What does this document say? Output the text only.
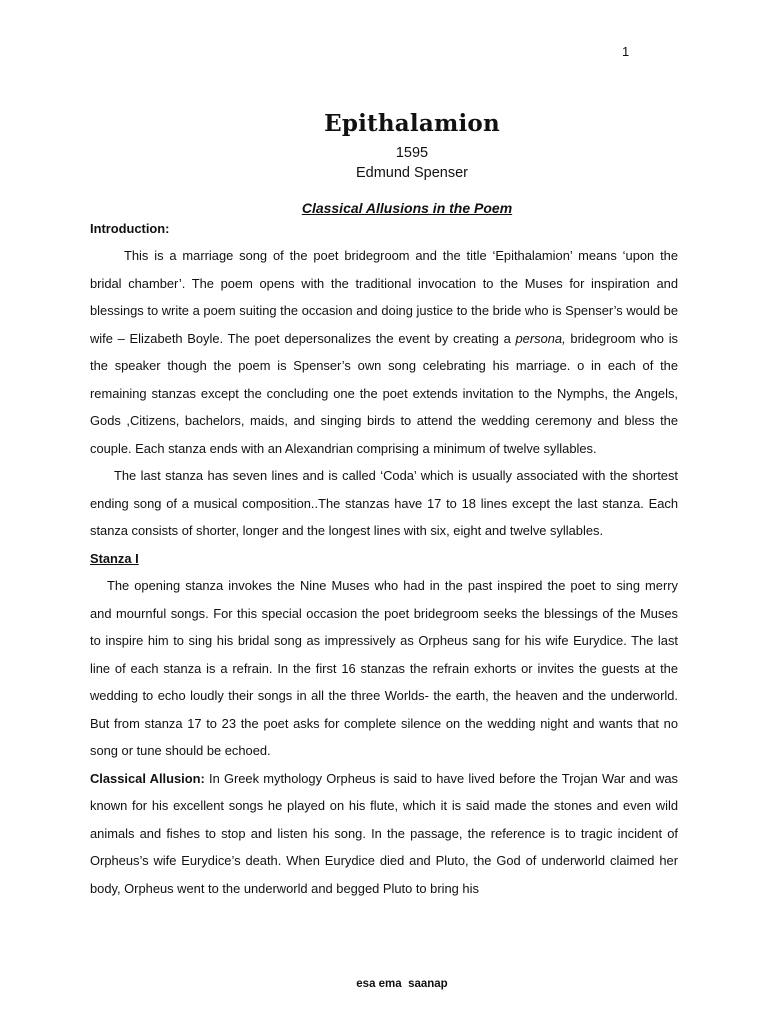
1
Epithalamion
1595
Edmund Spenser
Classical Allusions in the Poem

Introduction:

This is a marriage song of the poet bridegroom and the title ‘Epithalamion’ means ‘upon the bridal chamber’. The poem opens with the traditional invocation to the Muses for inspiration and blessings to write a poem suiting the occasion and doing justice to the bride who is Spenser’s would be wife – Elizabeth Boyle. The poet depersonalizes the event by creating a persona, bridegroom who is the speaker though the poem is Spenser’s own song celebrating his marriage. o in each of the remaining stanzas except the concluding one the poet extends invitation to the Nymphs, the Angels, Gods ,Citizens, bachelors, maids, and singing birds to attend the wedding ceremony and bless the couple. Each stanza ends with an Alexandrian comprising a minimum of twelve syllables.

The last stanza has seven lines and is called ‘Coda’ which is usually associated with the shortest ending song of a musical composition..The stanzas have 17 to 18 lines except the last stanza. Each stanza consists of shorter, longer and the longest lines with six, eight and twelve syllables.

Stanza I

The opening stanza invokes the Nine Muses who had in the past inspired the poet to sing merry and mournful songs. For this special occasion the poet bridegroom seeks the blessings of the Muses to inspire him to sing his bridal song as impressively as Orpheus sang for his wife Eurydice. The last line of each stanza is a refrain. In the first 16 stanzas the refrain exhorts or invites the guests at the wedding to echo loudly their songs in all the three Worlds- the earth, the heaven and the underworld. But from stanza 17 to 23 the poet asks for complete silence on the wedding night and wants that no song or tune should be echoed.

Classical Allusion: In Greek mythology Orpheus is said to have lived before the Trojan War and was known for his excellent songs he played on his flute, which it is said made the stones and even wild animals and fishes to stop and listen his song. In the passage, the reference is to tragic incident of Orpheus’s wife Eurydice’s death. When Eurydice died and Pluto, the God of underworld claimed her body, Orpheus went to the underworld and begged Pluto to bring his

esa ema  saanap
